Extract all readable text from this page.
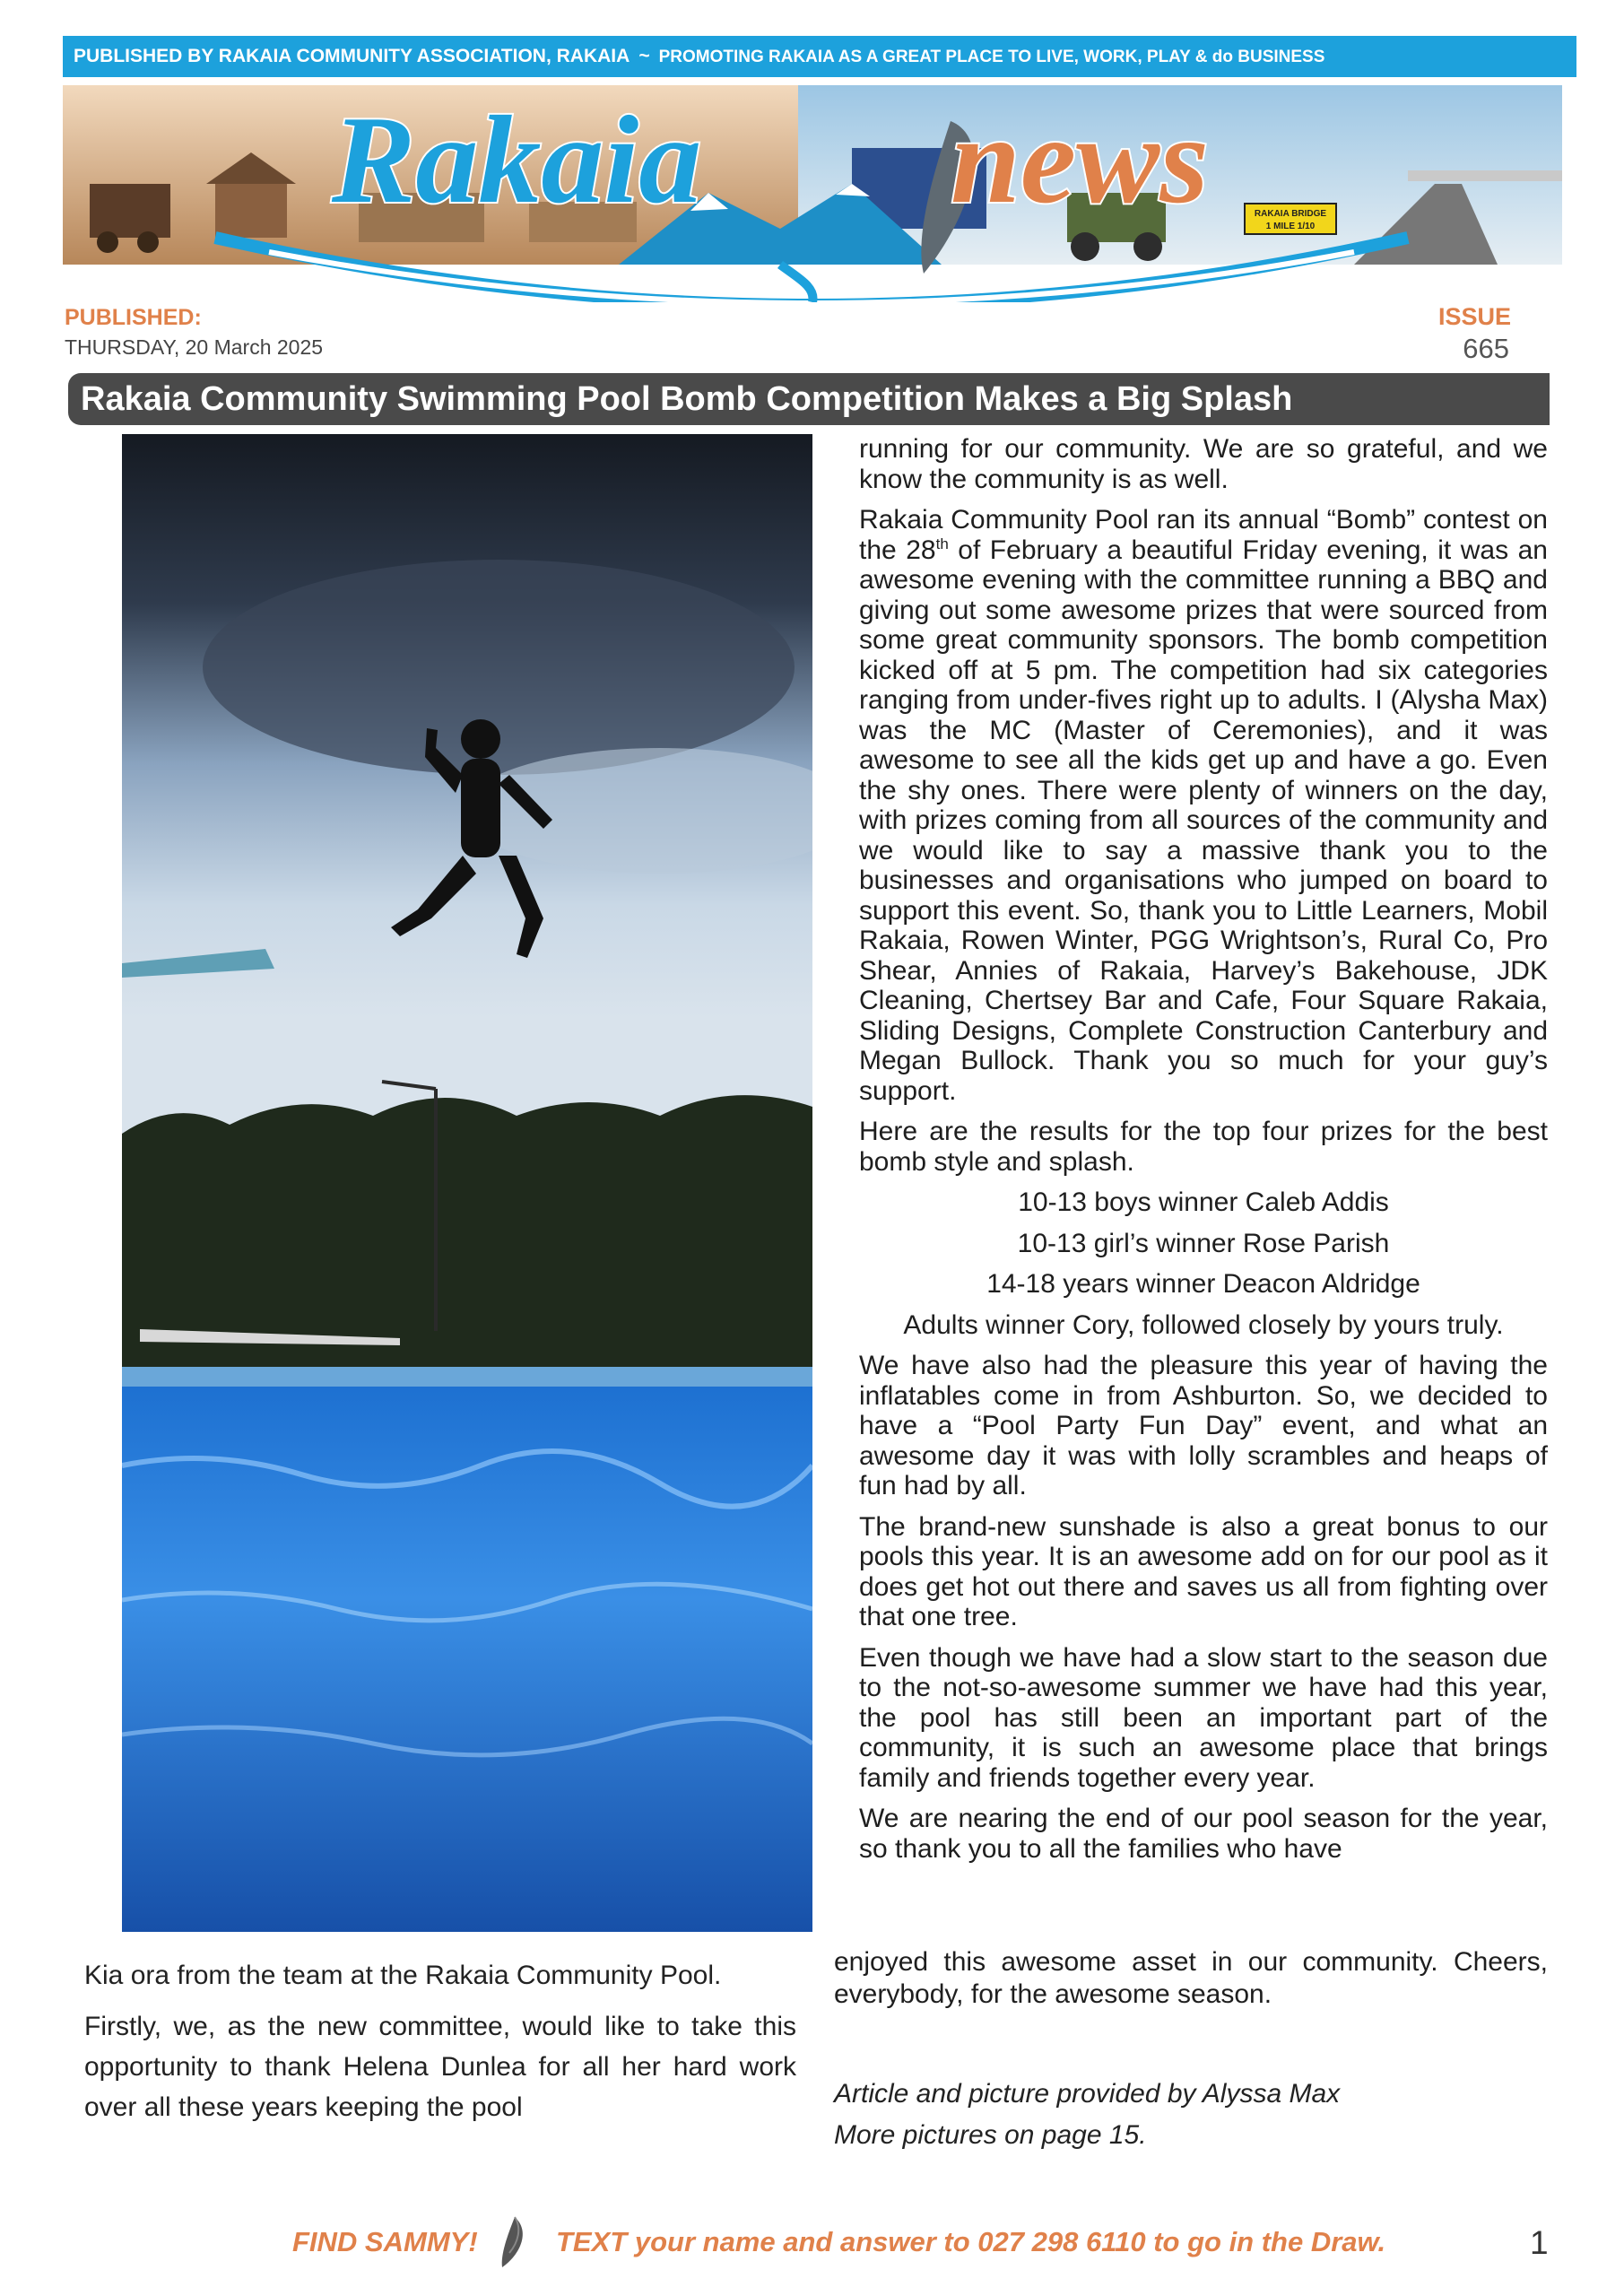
PUBLISHED BY RAKAIA COMMUNITY ASSOCIATION, RAKAIA ~ PROMOTING RAKAIA AS A GREAT PLACE TO LIVE, WORK, PLAY & do BUSINESS
RAKAIA BRIDGE
1 MILE 1/10
Rakaia news
PUBLISHED:
THURSDAY, 20 March 2025
ISSUE
665
Rakaia Community Swimming Pool Bomb Competition Makes a Big Splash

Kia ora from the team at the Rakaia Community Pool.

Firstly, we, as the new committee, would like to take this opportunity to thank Helena Dunlea for all her hard work over all these years keeping the pool

running for our community. We are so grateful, and we know the community is as well.

Rakaia Community Pool ran its annual “Bomb” contest on the 28th of February a beautiful Friday evening, it was an awesome evening with the committee running a BBQ and giving out some awesome prizes that were sourced from some great community sponsors. The bomb competition kicked off at 5 pm. The competition had six categories ranging from under-fives right up to adults. I (Alysha Max) was the MC (Master of Ceremonies), and it was awesome to see all the kids get up and have a go. Even the shy ones. There were plenty of winners on the day, with prizes coming from all sources of the community and we would like to say a massive thank you to the businesses and organisations who jumped on board to support this event. So, thank you to Little Learners, Mobil Rakaia, Rowen Winter, PGG Wrightson’s, Rural Co, Pro Shear, Annies of Rakaia, Harvey’s Bakehouse, JDK Cleaning, Chertsey Bar and Cafe, Four Square Rakaia, Sliding Designs, Complete Construction Canterbury and Megan Bullock. Thank you so much for your guy’s support.

Here are the results for the top four prizes for the best bomb style and splash.

10-13 boys winner Caleb Addis

10-13 girl’s winner Rose Parish

14-18 years winner Deacon Aldridge

Adults winner Cory, followed closely by yours truly.

We have also had the pleasure this year of having the inflatables come in from Ashburton. So, we decided to have a “Pool Party Fun Day” event, and what an awesome day it was with lolly scrambles and heaps of fun had by all.

The brand-new sunshade is also a great bonus to our pools this year. It is an awesome add on for our pool as it does get hot out there and saves us all from fighting over that one tree.

Even though we have had a slow start to the season due to the not-so-awesome summer we have had this year, the pool has still been an important part of the community, it is such an awesome place that brings family and friends together every year.

We are nearing the end of our pool season for the year, so thank you to all the families who have

enjoyed this awesome asset in our community. Cheers, everybody, for the awesome season.

Article and picture provided by Alyssa Max
More pictures on page 15.
FIND SAMMY!	TEXT your name and answer to 027 298 6110 to go in the Draw.	1
